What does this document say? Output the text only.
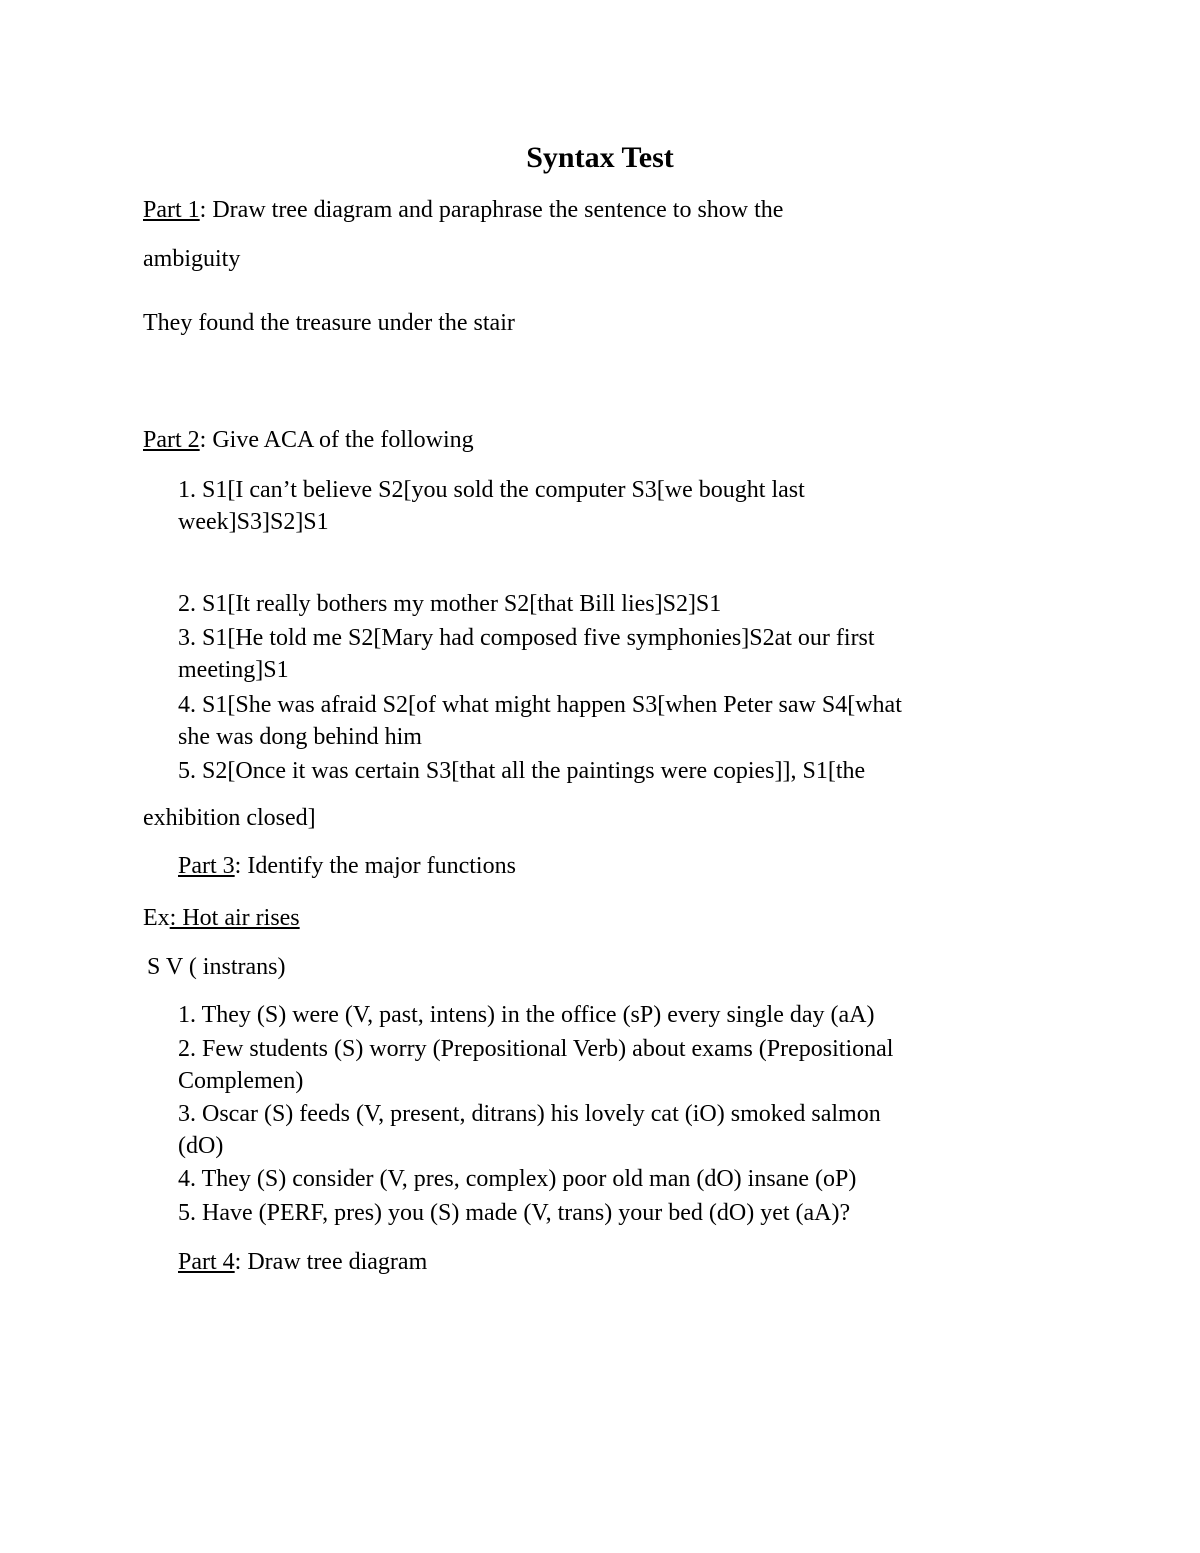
Syntax Test

Part 1: Draw tree diagram and paraphrase the sentence to show the

ambiguity

They found the treasure under the stair

Part 2: Give ACA of the following

1. S1[I can’t believe S2[you sold the computer S3[we bought last

week]S3]S2]S1

2. S1[It really bothers my mother S2[that Bill lies]S2]S1

3. S1[He told me S2[Mary had composed five symphonies]S2at our first

meeting]S1

4. S1[She was afraid S2[of what might happen S3[when Peter saw S4[what

she was dong behind him

5. S2[Once it was certain S3[that all the paintings were copies]], S1[the

exhibition closed]

Part 3: Identify the major functions

Ex: Hot air rises

S V ( instrans)

1. They (S) were (V, past, intens) in the office (sP) every single day (aA)

2. Few students (S) worry (Prepositional Verb) about exams (Prepositional

Complemen)

3. Oscar (S) feeds (V, present, ditrans) his lovely cat (iO) smoked salmon

(dO)

4. They (S) consider (V, pres, complex) poor old man (dO) insane (oP)

5. Have (PERF, pres) you (S) made (V, trans) your bed (dO) yet (aA)?

Part 4: Draw tree diagram
